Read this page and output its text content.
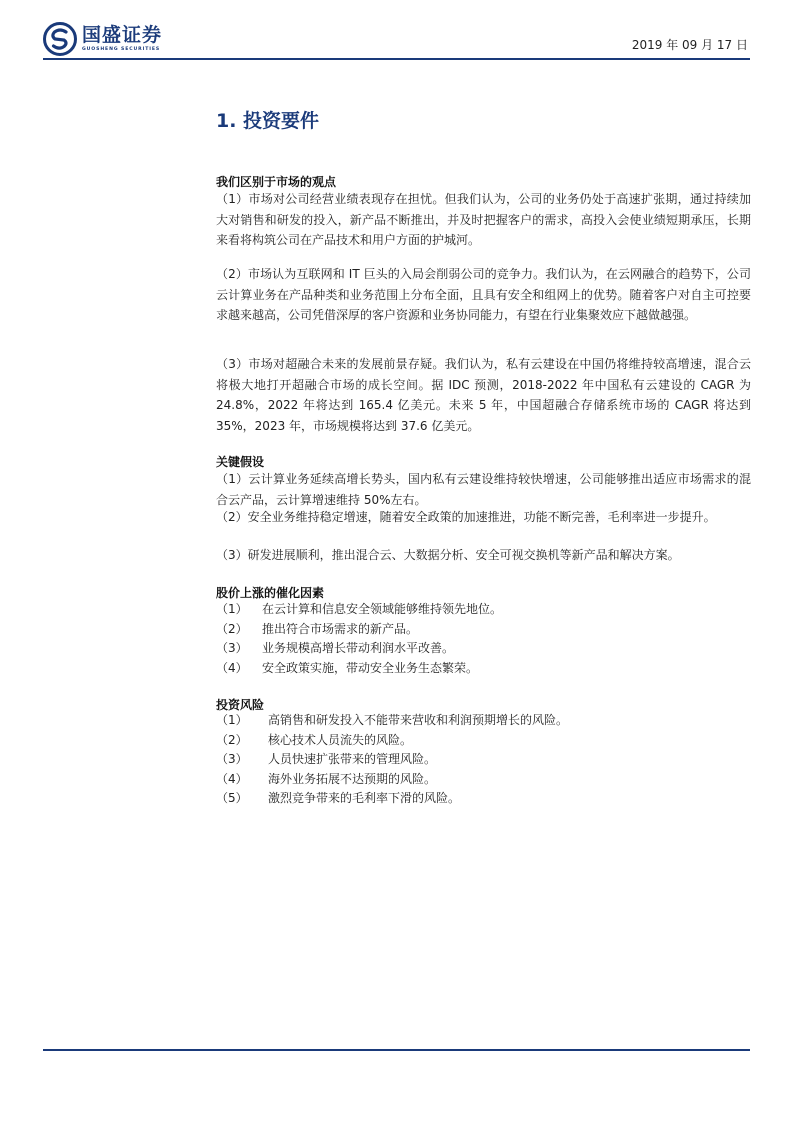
国盛证券
GUOSHENG SECURITIES	2019 年 09 月 17 日
1. 投资要件
我们区别于市场的观点
（1）市场对公司经营业绩表现存在担忧。但我们认为，公司的业务仍处于高速扩张期，通过持续加大对销售和研发的投入，新产品不断推出，并及时把握客户的需求，高投入会使业绩短期承压，长期来看将构筑公司在产品技术和用户方面的护城河。
（2）市场认为互联网和 IT 巨头的入局会削弱公司的竞争力。我们认为，在云网融合的趋势下，公司云计算业务在产品种类和业务范围上分布全面，且具有安全和组网上的优势。随着客户对自主可控要求越来越高，公司凭借深厚的客户资源和业务协同能力，有望在行业集聚效应下越做越强。
（3）市场对超融合未来的发展前景存疑。我们认为，私有云建设在中国仍将维持较高增速，混合云将极大地打开超融合市场的成长空间。据 IDC 预测，2018-2022 年中国私有云建设的 CAGR 为 24.8%，2022 年将达到 165.4 亿美元。未来 5 年，中国超融合存储系统市场的 CAGR 将达到 35%，2023 年，市场规模将达到 37.6 亿美元。
关键假设
（1）云计算业务延续高增长势头，国内私有云建设维持较快增速，公司能够推出适应市场需求的混合云产品，云计算增速维持 50%左右。
（2）安全业务维持稳定增速，随着安全政策的加速推进，功能不断完善，毛利率进一步提升。
（3）研发进展顺利，推出混合云、大数据分析、安全可视交换机等新产品和解决方案。
股价上涨的催化因素
（1）	在云计算和信息安全领域能够维持领先地位。
（2）	推出符合市场需求的新产品。
（3）	业务规模高增长带动利润水平改善。
（4）	安全政策实施，带动安全业务生态繁荣。
投资风险
（1）	高销售和研发投入不能带来营收和利润预期增长的风险。
（2）	核心技术人员流失的风险。
（3）	人员快速扩张带来的管理风险。
（4）	海外业务拓展不达预期的风险。
（5）	激烈竞争带来的毛利率下滑的风险。
